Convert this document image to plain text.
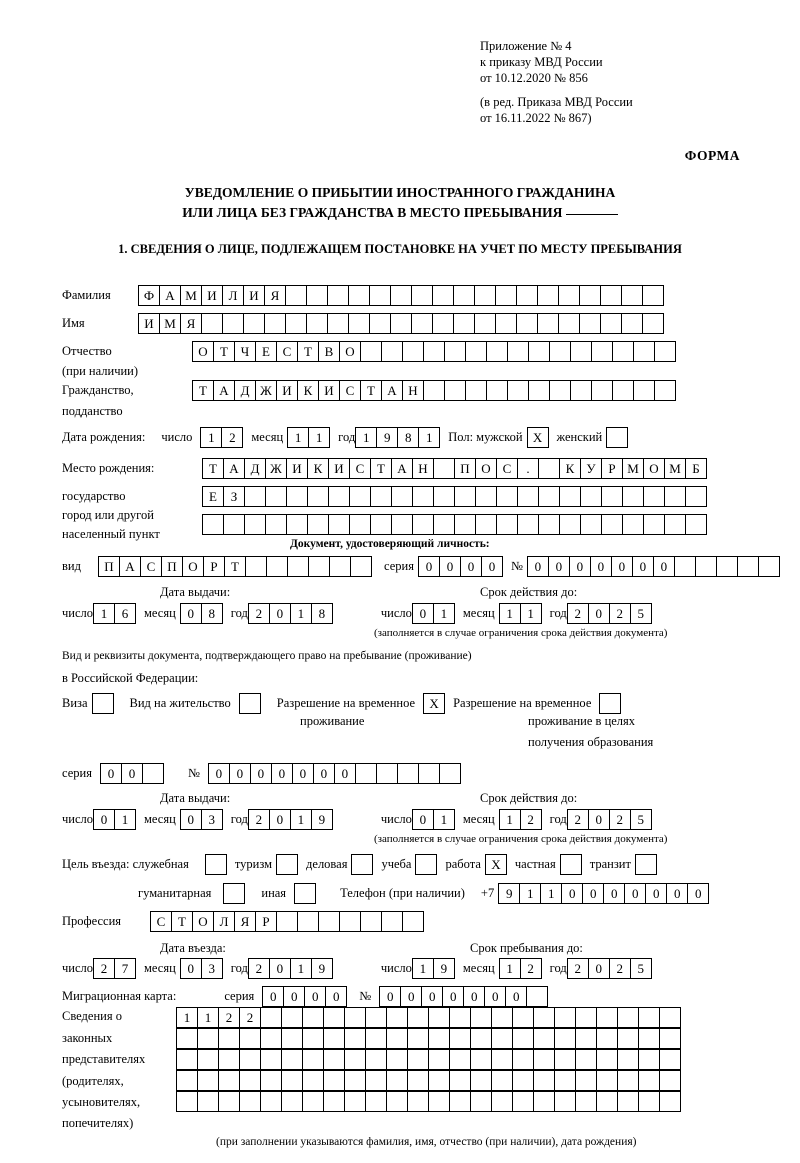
Приложение № 4
к приказу МВД России
от 10.12.2020 № 856
(в ред. Приказа МВД России
от 16.11.2022 № 867)
ФОРМА
УВЕДОМЛЕНИЕ О ПРИБЫТИИ ИНОСТРАННОГО ГРАЖДАНИНА
ИЛИ ЛИЦА БЕЗ ГРАЖДАНСТВА В МЕСТО ПРЕБЫВАНИЯ
1. СВЕДЕНИЯ О ЛИЦЕ, ПОДЛЕЖАЩЕМ ПОСТАНОВКЕ НА УЧЕТ ПО МЕСТУ ПРЕБЫВАНИЯ
Фамилия	Ф А М И Л И Я
Имя	И М Я
Отчество	О Т Ч Е С Т В О
(при наличии)
Гражданство,	Т А Д Ж И К И С Т А Н
подданство
Дата рождения: число	1	2	месяц 1	1	год 1	9	8	1	Пол: мужской Х	женский
Место рождения:	Т А Д Ж И К И С Т А Н	П О С	.	К У Р М О М Б
государство	Е	З
город или другой

населенный пункт
Документ, удостоверяющий личность:
вид	П А С П О Р	Т	серия 0	0	0	0	№ 0	0	0	0	0	0	0
Дата выдачи:	Срок действия до:
число 1	6	месяц 0	8	год 2	0	1	8	число 0	1	месяц 1	1	год 2	0	2	5
(заполняется в случае ограничения срока действия документа)
Вид и реквизиты документа, подтверждающего право на пребывание (проживание)
в Российской Федерации:
Виза	Вид на жительство	Разрешение на временное	Х	Разрешение на временное
проживание	проживание в целях
получения образования
серия	0	0	№	0	0	0	0	0	0	0
Дата выдачи:	Срок действия до:
число 0	1	месяц 0	3	год 2	0	1	9	число 0	1	месяц 1	2	год 2	0	2	5
(заполняется в случае ограничения срока действия документа)
Цель въезда: служебная	туризм	деловая	учеба	работа Х	частная	транзит
гуманитарная	иная	Телефон (при наличии) +7 9	1	1	0	0	0	0	0	0	0
Профессия	С Т О Л Я	Р
Дата въезда:	Срок пребывания до:
число 2	7	месяц 0	3	год 2	0	1	9	число 1	9	месяц 1	2	год 2	0	2	5
Миграционная карта:	серия	0	0	0	0	№	0	0	0	0	0	0	0
Сведения о
законных
представителях
(родителях,
усыновителях,
попечителях)
1	1	2	2
(при заполнении указываются фамилия, имя, отчество (при наличии), дата рождения)
